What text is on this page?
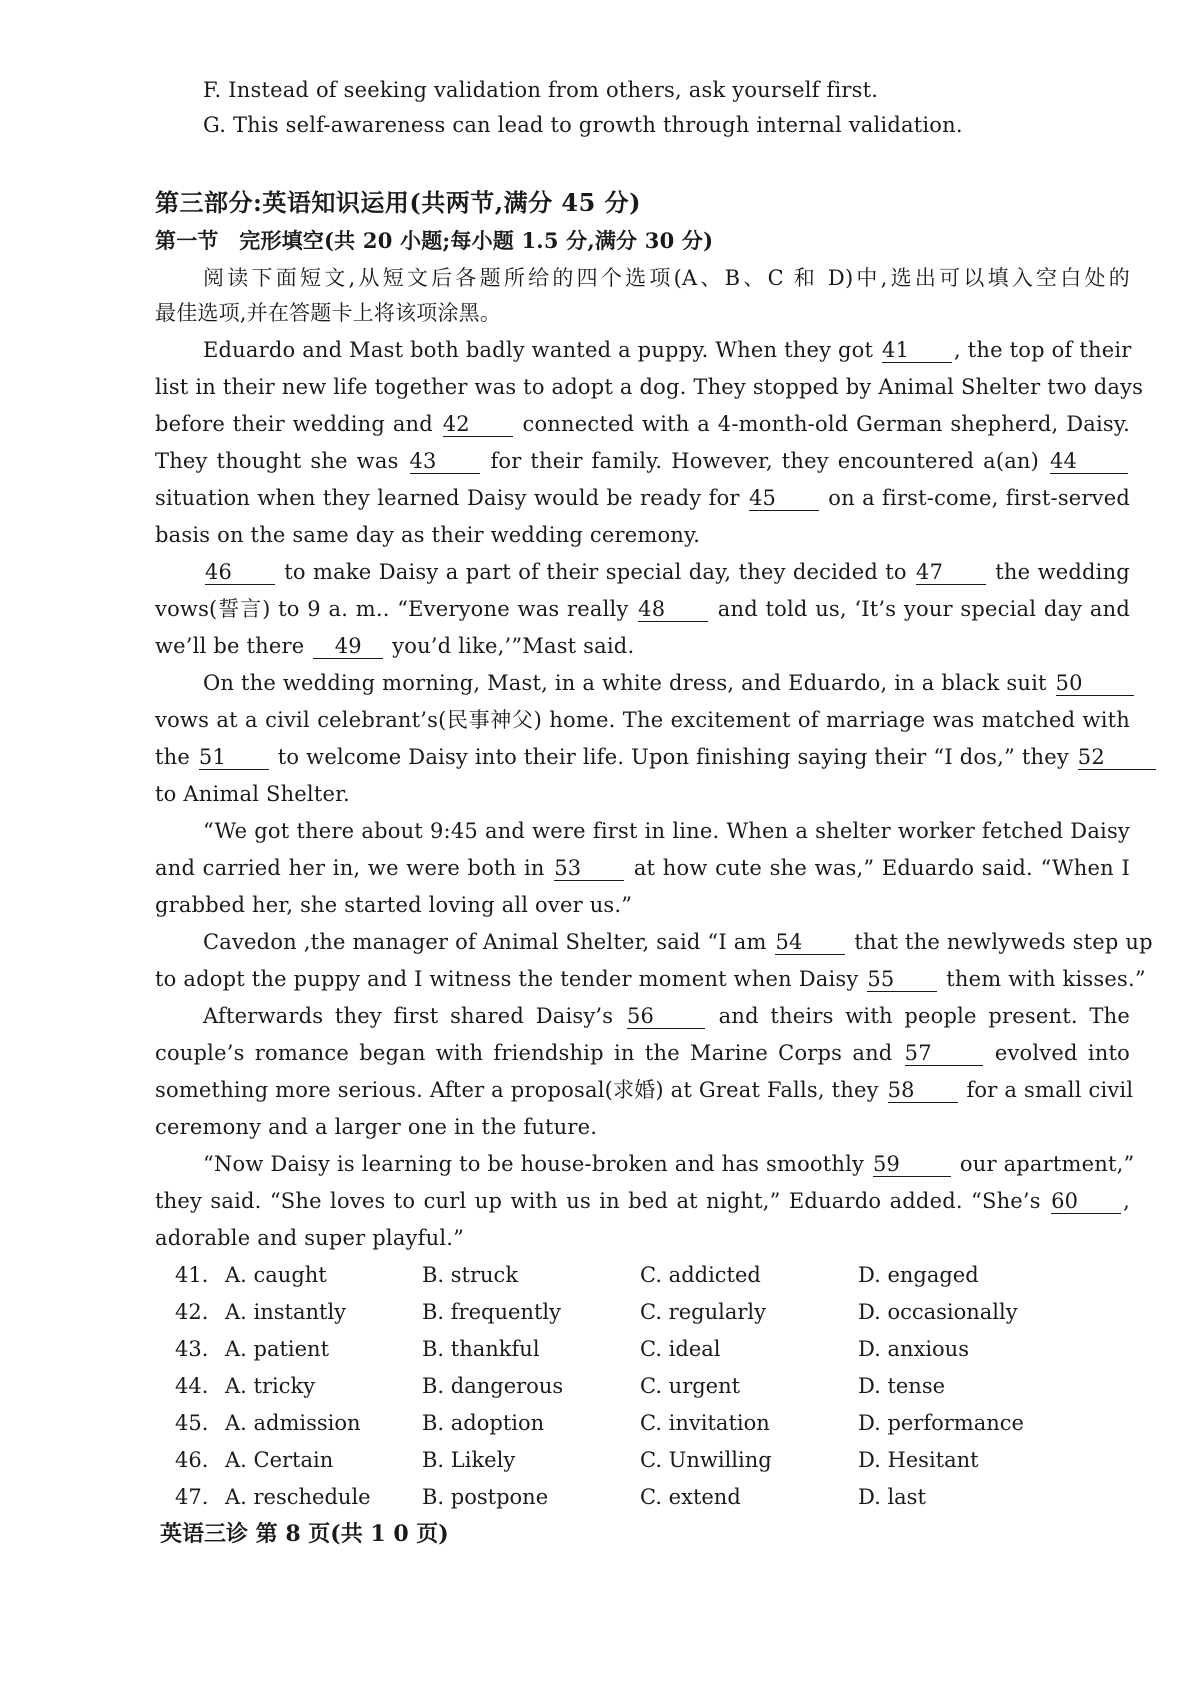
F. Instead of seeking validation from others, ask yourself first.
G. This self-awareness can lead to growth through internal validation.
第三部分:英语知识运用(共两节,满分 45 分)
第一节 完形填空(共 20 小题;每小题 1.5 分,满分 30 分)
阅读下面短文,从短文后各题所给的四个选项(A、B、C 和 D)中,选出可以填入空白处的
最佳选项,并在答题卡上将该项涂黑。
Eduardo and Mast both badly wanted a puppy. When they got 41 , the top of their
list in their new life together was to adopt a dog. They stopped by Animal Shelter two days
before their wedding and 42	connected with a 4-month-old German shepherd, Daisy.
They thought she was 43	for their family. However, they encountered a(an) 44
situation when they learned Daisy would be ready for 45 on a first-come, first-served
basis on the same day as their wedding ceremony.
46 to make Daisy a part of their special day, they decided to 47 the wedding
vows(誓言) to 9 a. m.. “Everyone was really 48	and told us, ‘It’s your special day and
we’ll be there 49 you’d like,’”Mast said.
On the wedding morning, Mast, in a white dress, and Eduardo, in a black suit 50
vows at a civil celebrant’s(民事神父) home. The excitement of marriage was matched with
the 51 to welcome Daisy into their life. Upon finishing saying their “I dos,” they 52
to Animal Shelter.
“We got there about 9:45 and were first in line. When a shelter worker fetched Daisy
and carried her in, we were both in 53 at how cute she was,” Eduardo said. “When I
grabbed her, she started loving all over us.”
Cavedon ,the manager of Animal Shelter, said “I am 54 that the newlyweds step up
to adopt the puppy and I witness the tender moment when Daisy 55 them with kisses.”
Afterwards they first shared Daisy’s 56	and theirs with people present. The
couple’s romance began with friendship in the Marine Corps and 57	evolved into
something more serious. After a proposal(求婚) at Great Falls, they 58 for a small civil
ceremony and a larger one in the future.
“Now Daisy is learning to be house-broken and has smoothly 59	our apartment,”
they said. “She loves to curl up with us in bed at night,” Eduardo added. “She’s 60 ,
adorable and super playful.”
41. A. caught	B. struck	C. addicted	D. engaged
42. A. instantly	B. frequently	C. regularly	D. occasionally
43. A. patient	B. thankful	C. ideal	D. anxious
44. A. tricky	B. dangerous	C. urgent	D. tense
45. A. admission	B. adoption	C. invitation	D. performance
46. A. Certain	B. Likely	C. Unwilling	D. Hesitant
47. A. reschedule B. postpone	C. extend	D. last
英语三诊 第 8 页(共 1 0 页)
